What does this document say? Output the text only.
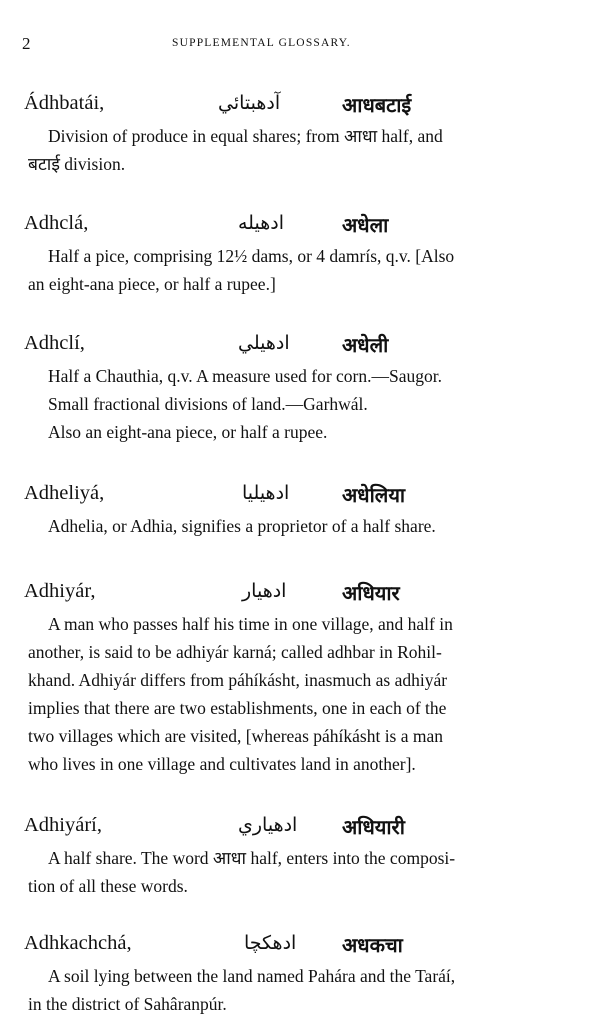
2	SUPPLEMENTAL GLOSSARY.
Ádhbatái,	آدهبتائي	आधबटाई

Division of produce in equal shares; from आधा half, and
बटाई division.

Adhclá,	ادهيله	अधेला

Half a pice, comprising 12½ dams, or 4 damrís, q.v. [Also
an eight-ana piece, or half a rupee.]

Adhclí,	ادهيلي	अधेली

Half a Chauthia, q.v. A measure used for corn.—Saugor.
Small fractional divisions of land.—Garhwál.
Also an eight-ana piece, or half a rupee.

Adheliyá,	ادهيليا	अधेलिया

Adhelia, or Adhia, signifies a proprietor of a half share.

Adhiyár,	ادهيار	अधियार

A man who passes half his time in one village, and half in
another, is said to be adhiyár karná; called adhbar in Rohil-
khand. Adhiyár differs from páhíkásht, inasmuch as adhiyár
implies that there are two establishments, one in each of the
two villages which are visited, [whereas páhíkásht is a man
who lives in one village and cultivates land in another].

Adhiyárí,	ادهياري अधियारी

A half share. The word आधा half, enters into the composi-
tion of all these words.

Adhkachchá,	ادهكچا अधकचा

A soil lying between the land named Pahára and the Taráí,
in the district of Sahâranpúr.
